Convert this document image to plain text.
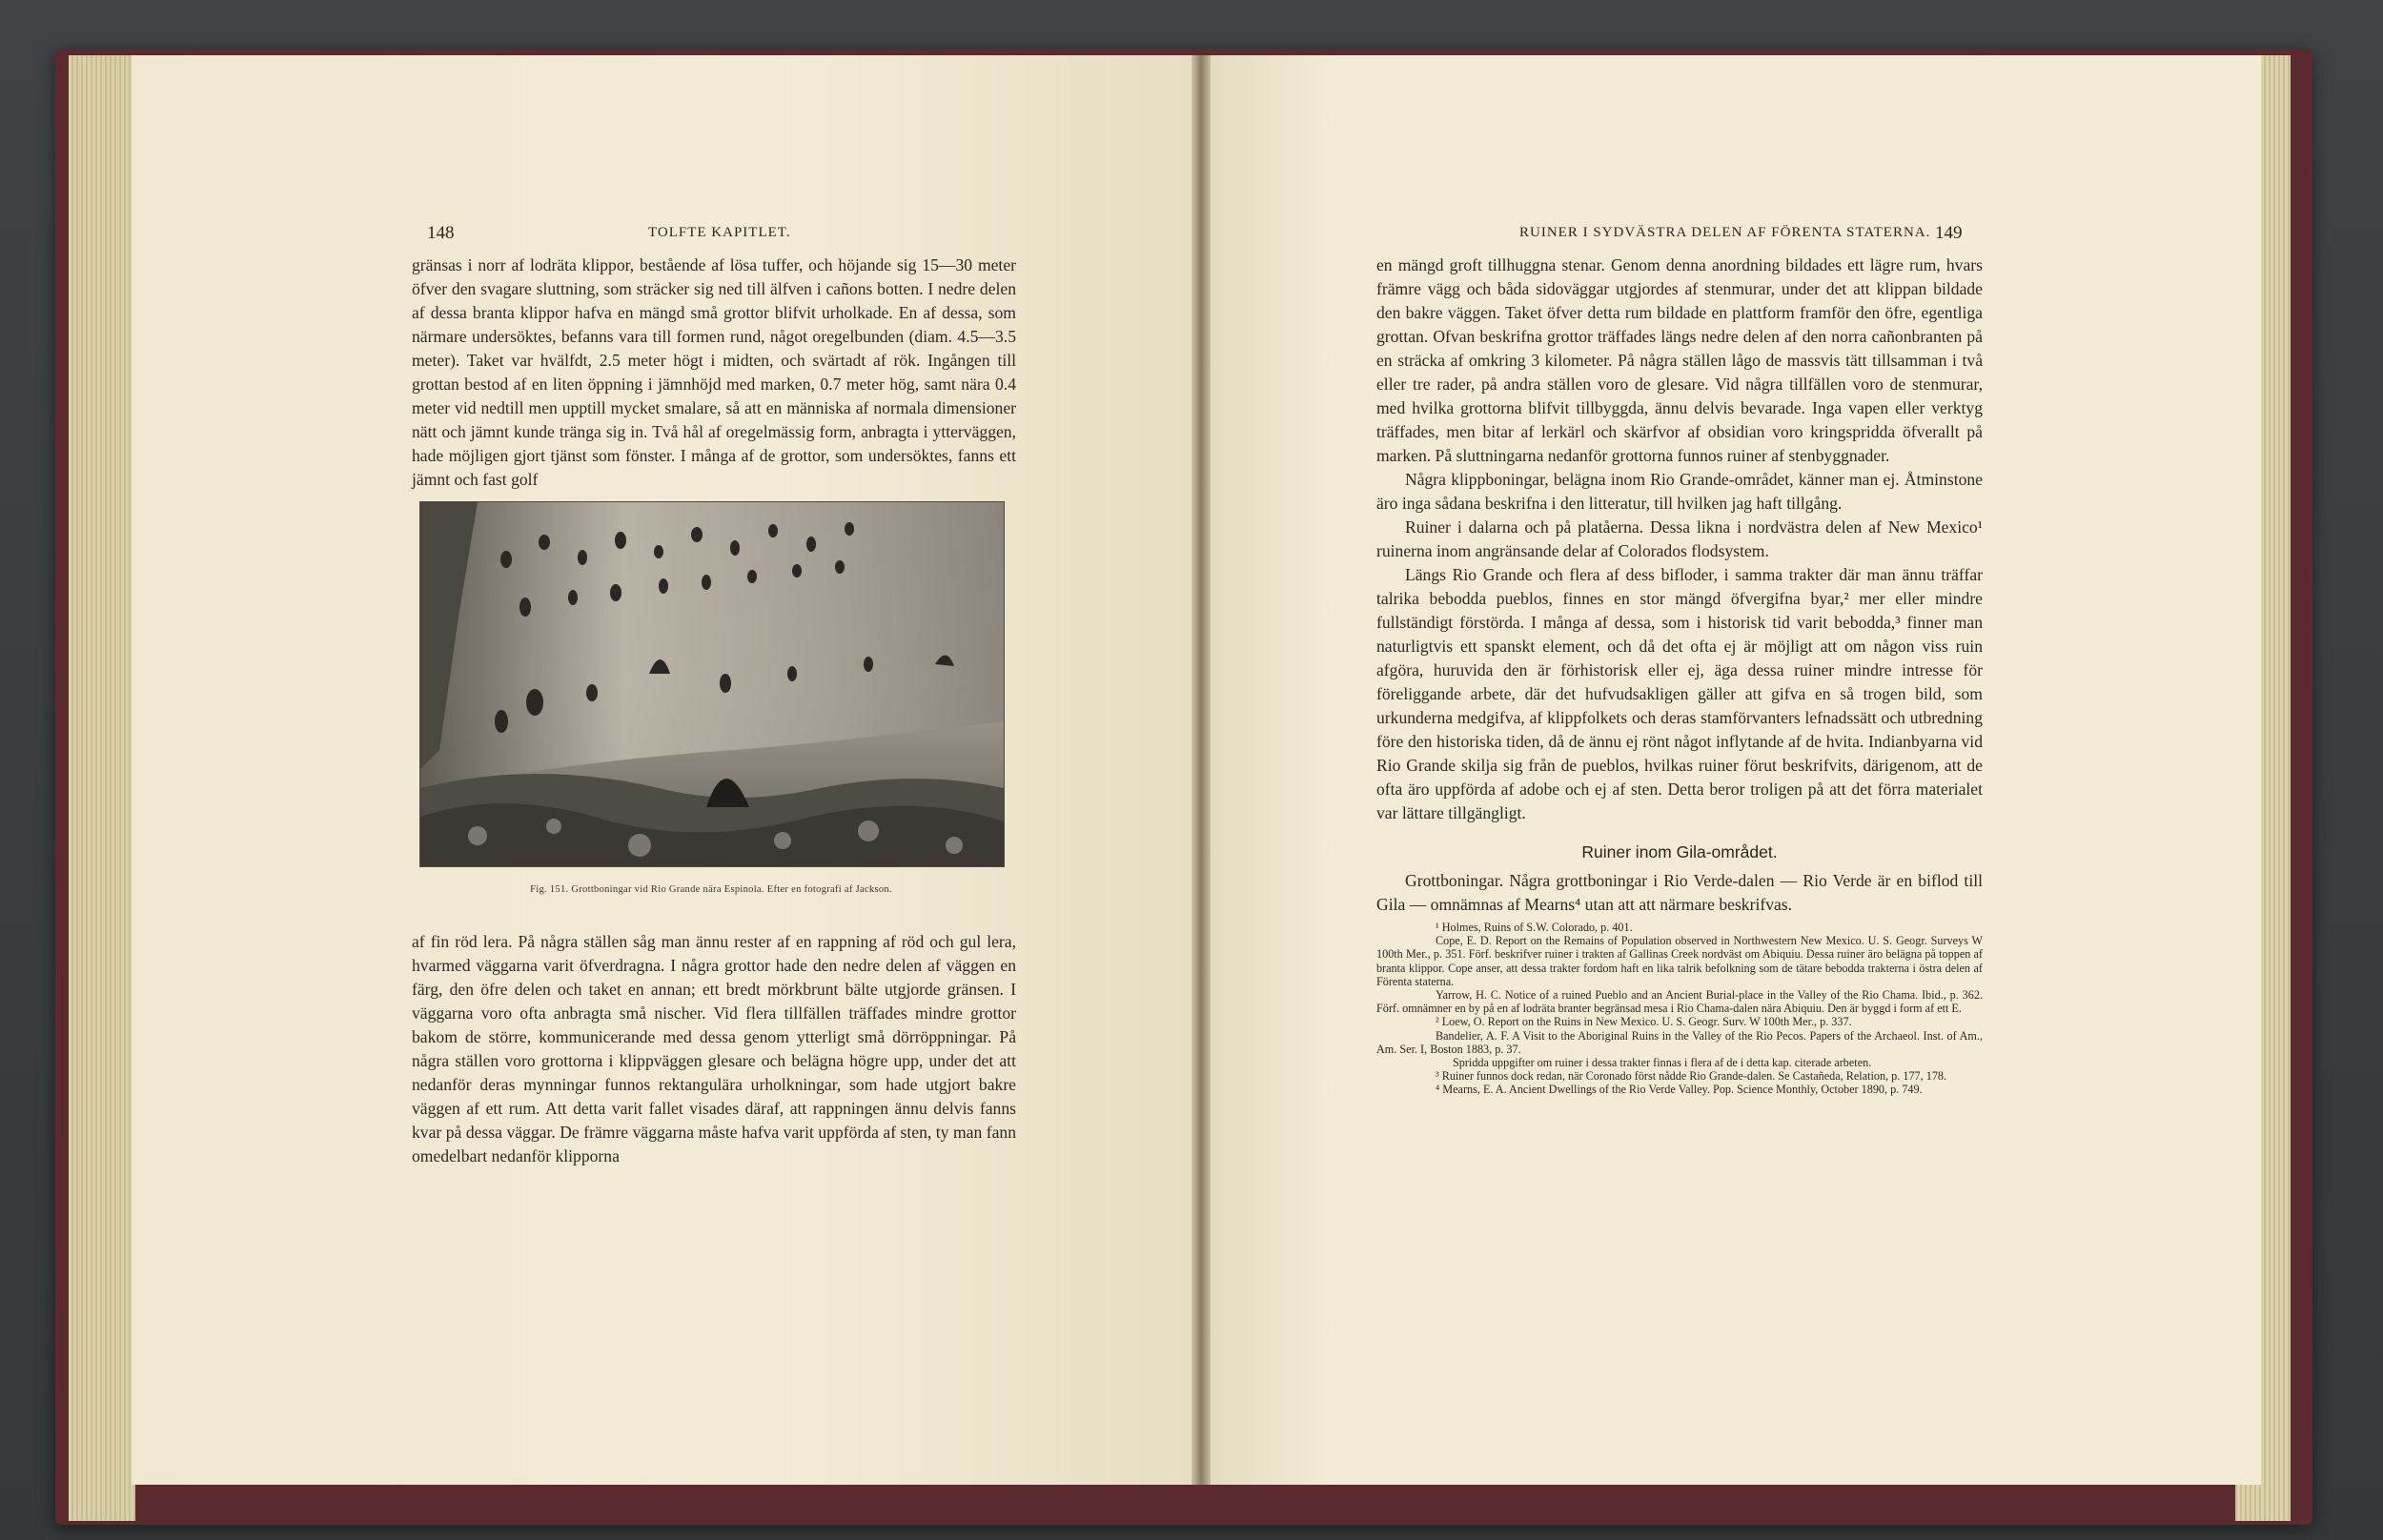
148	TOLFTE KAPITLET.

gränsas i norr af lodräta klippor, bestående af lösa tuffer, och höjande sig 15—30 meter öfver den svagare sluttning, som sträcker sig ned till älfven i cañons botten. I nedre delen af dessa branta klippor hafva en mängd små grottor blifvit urholkade. En af dessa, som närmare undersöktes, befanns vara till formen rund, något oregelbunden (diam. 4.5—3.5 meter). Taket var hvälfdt, 2.5 meter högt i midten, och svärtadt af rök. Ingången till grottan bestod af en liten öppning i jämnhöjd med marken, 0.7 meter hög, samt nära 0.4 meter vid nedtill men upptill mycket smalare, så att en människa af normala dimensioner nätt och jämnt kunde tränga sig in. Två hål af oregelmässig form, anbragta i ytterväggen, hade möjligen gjort tjänst som fönster. I många af de grottor, som undersöktes, fanns ett jämnt och fast golf

Fig. 151. Grottboningar vid Rio Grande nära Espinola. Efter en fotografi af Jackson.

af fin röd lera. På några ställen såg man ännu rester af en rappning af röd och gul lera, hvarmed väggarna varit öfverdragna. I några grottor hade den nedre delen af väggen en färg, den öfre delen och taket en annan; ett bredt mörkbrunt bälte utgjorde gränsen. I väggarna voro ofta anbragta små nischer. Vid flera tillfällen träffades mindre grottor bakom de större, kommunicerande med dessa genom ytterligt små dörröppningar. På några ställen voro grottorna i klippväggen glesare och belägna högre upp, under det att nedanför deras mynningar funnos rektangulära urholkningar, som hade utgjort bakre väggen af ett rum. Att detta varit fallet visades däraf, att rappningen ännu delvis fanns kvar på dessa väggar. De främre väggarna måste hafva varit uppförda af sten, ty man fann omedelbart nedanför klipporna

RUINER I SYDVÄSTRA DELEN AF FÖRENTA STATERNA. 149

en mängd groft tillhuggna stenar. Genom denna anordning bildades ett lägre rum, hvars främre vägg och båda sidoväggar utgjordes af stenmurar, under det att klippan bildade den bakre väggen. Taket öfver detta rum bildade en plattform framför den öfre, egentliga grottan. Ofvan beskrifna grottor träffades längs nedre delen af den norra cañonbranten på en sträcka af omkring 3 kilometer. På några ställen lågo de massvis tätt tillsamman i två eller tre rader, på andra ställen voro de glesare. Vid några tillfällen voro de stenmurar, med hvilka grottorna blifvit tillbyggda, ännu delvis bevarade. Inga vapen eller verktyg träffades, men bitar af lerkärl och skärfvor af obsidian voro kringspridda öfverallt på marken. På sluttningarna nedanför grottorna funnos ruiner af stenbyggnader.

Några klippboningar, belägna inom Rio Grande-området, känner man ej. Åtminstone äro inga sådana beskrifna i den litteratur, till hvilken jag haft tillgång.

Ruiner i dalarna och på platåerna. Dessa likna i nordvästra delen af New Mexico¹ ruinerna inom angränsande delar af Colorados flodsystem.

Längs Rio Grande och flera af dess bifloder, i samma trakter där man ännu träffar talrika bebodda pueblos, finnes en stor mängd öfvergifna byar,² mer eller mindre fullständigt förstörda. I många af dessa, som i historisk tid varit bebodda,³ finner man naturligtvis ett spanskt element, och då det ofta ej är möjligt att om någon viss ruin afgöra, huruvida den är förhistorisk eller ej, äga dessa ruiner mindre intresse för föreliggande arbete, där det hufvudsakligen gäller att gifva en så trogen bild, som urkunderna medgifva, af klippfolkets och deras stamförvanters lefnadssätt och utbredning före den historiska tiden, då de ännu ej rönt något inflytande af de hvita. Indianbyarna vid Rio Grande skilja sig från de pueblos, hvilkas ruiner förut beskrifvits, därigenom, att de ofta äro uppförda af adobe och ej af sten. Detta beror troligen på att det förra materialet var lättare tillgängligt.

Ruiner inom Gila-området.

Grottboningar. Några grottboningar i Rio Verde-dalen — Rio Verde är en biflod till Gila — omnämnas af Mearns⁴ utan att att närmare beskrifvas.

¹ Holmes, Ruins of S.W. Colorado, p. 401.

Cope, E. D. Report on the Remains of Population observed in Northwestern New Mexico. U. S. Geogr. Surveys W 100th Mer., p. 351. Förf. beskrifver ruiner i trakten af Gallinas Creek nordväst om Abiquiu. Dessa ruiner äro belägna på toppen af branta klippor. Cope anser, att dessa trakter fordom haft en lika talrik befolkning som de tätare bebodda trakterna i östra delen af Förenta staterna.

Yarrow, H. C. Notice of a ruined Pueblo and an Ancient Burial-place in the Valley of the Rio Chama. Ibid., p. 362. Förf. omnämner en by på en af lodräta branter begränsad mesa i Rio Chama-dalen nära Abiquiu. Den är byggd i form af ett E.

² Loew, O. Report on the Ruins in New Mexico. U. S. Geogr. Surv. W 100th Mer., p. 337.

Bandelier, A. F. A Visit to the Aboriginal Ruins in the Valley of the Rio Pecos. Papers of the Archaeol. Inst. of Am., Am. Ser. I, Boston 1883, p. 37.

Spridda uppgifter om ruiner i dessa trakter finnas i flera af de i detta kap. citerade arbeten.

³ Ruiner funnos dock redan, när Coronado först nådde Rio Grande-dalen. Se Castañeda, Relation, p. 177, 178.

⁴ Mearns, E. A. Ancient Dwellings of the Rio Verde Valley. Pop. Science Monthly, October 1890, p. 749.
